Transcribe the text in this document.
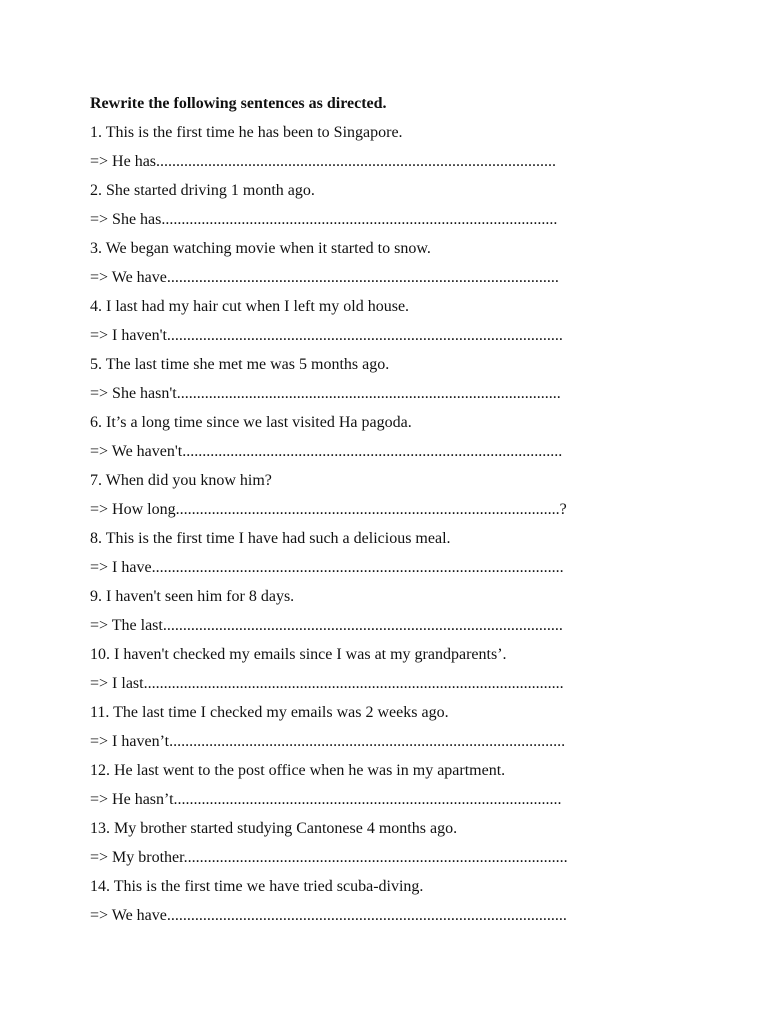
Rewrite the following sentences as directed.
1. This is the first time he has been to Singapore.
=> He has....................................................................................................
2. She started driving 1 month ago.
=> She has...................................................................................................
3. We began watching movie when it started to snow.
=> We have..................................................................................................
4. I last had my hair cut when I left my old house.
=> I haven't...................................................................................................
5. The last time she met me was 5 months ago.
=> She hasn't................................................................................................
6. It’s a long time since we last visited Ha pagoda.
=> We haven't...............................................................................................
7. When did you know him?
=> How long................................................................................................?
8. This is the first time I have had such a delicious meal.
=> I have.......................................................................................................
9. I haven't seen him for 8 days.
=> The last....................................................................................................
10. I haven't checked my emails since I was at my grandparents’.
=> I last.........................................................................................................
11. The last time I checked my emails was 2 weeks ago.
=> I haven’t...................................................................................................
12. He last went to the post office when he was in my apartment.
=> He hasn’t.................................................................................................
13. My brother started studying Cantonese 4 months ago.
=> My brother................................................................................................
14. This is the first time we have tried scuba-diving.
=> We have....................................................................................................
